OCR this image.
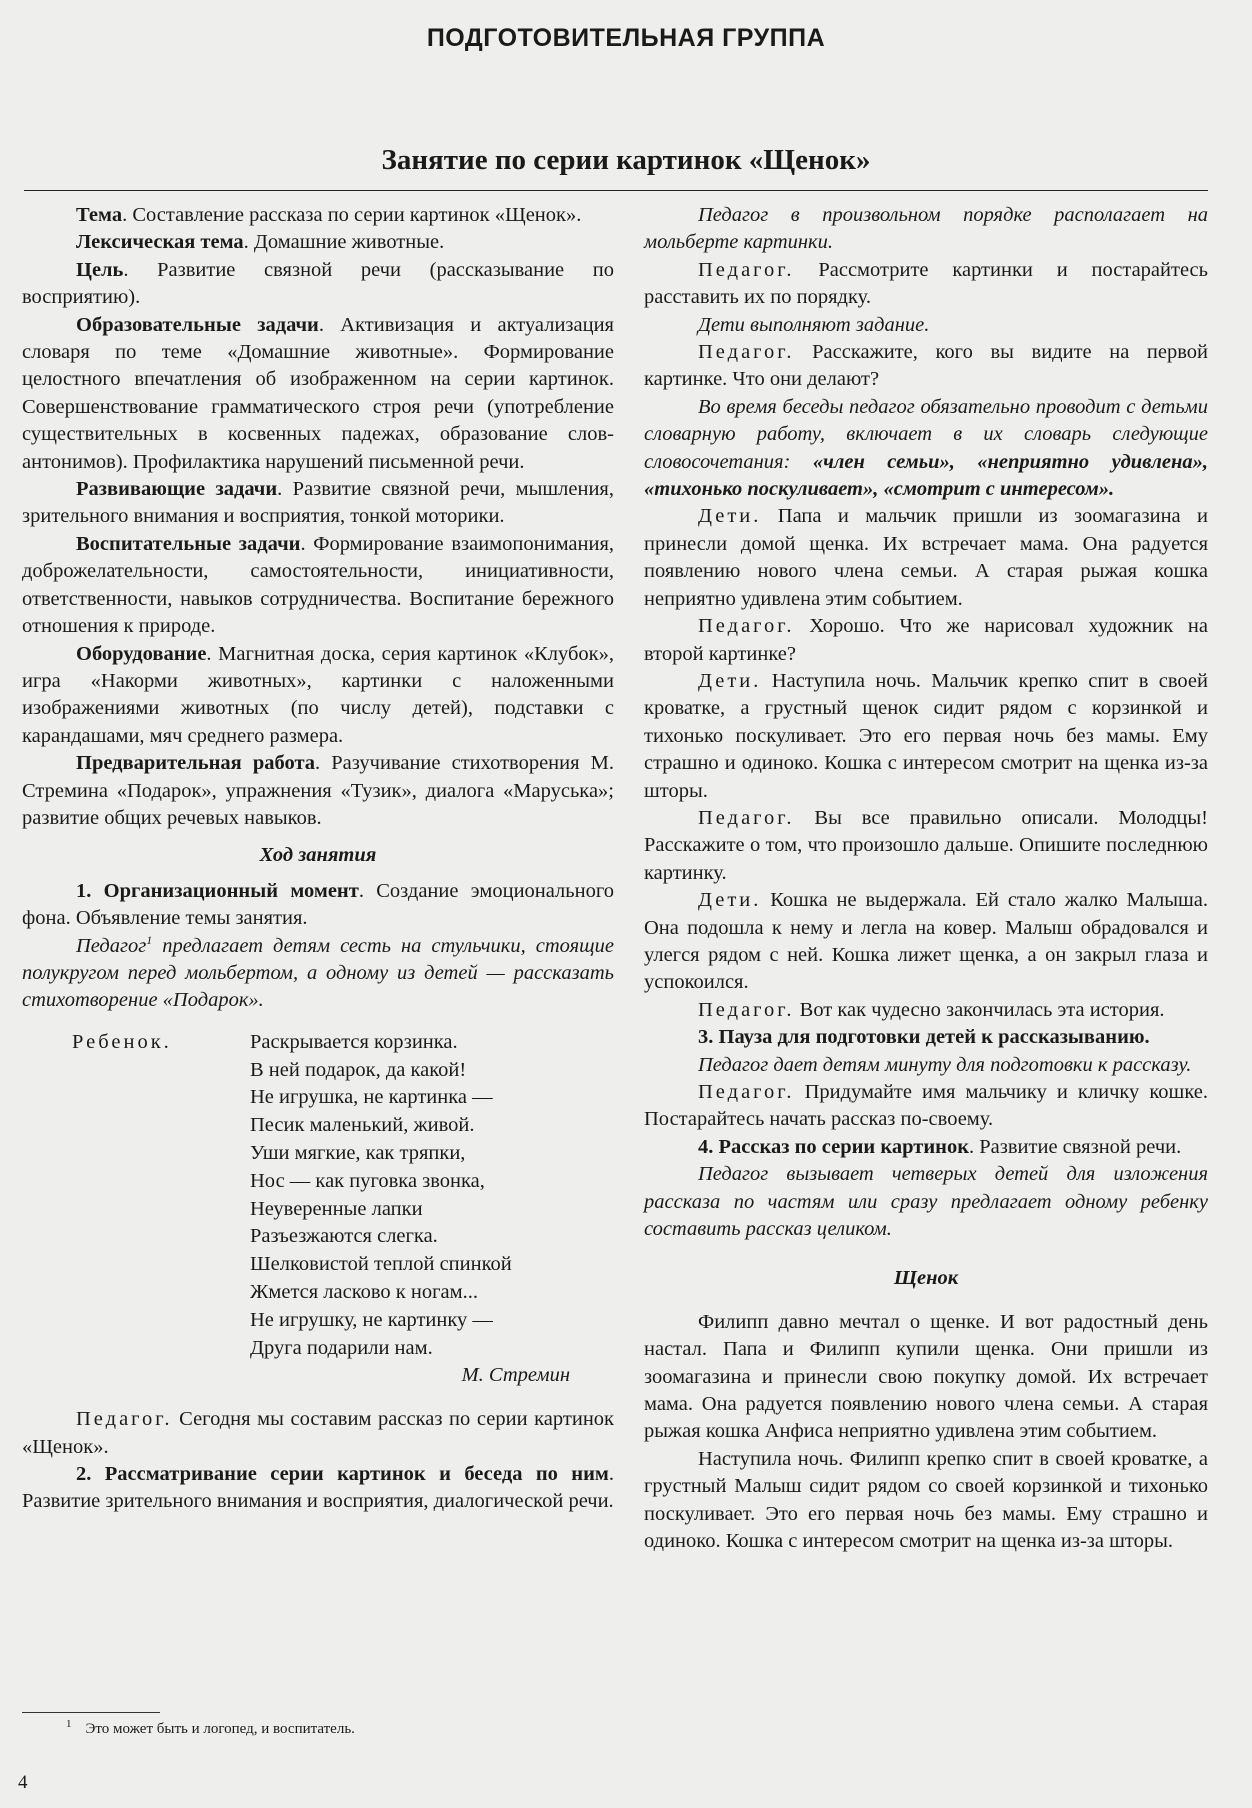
ПОДГОТОВИТЕЛЬНАЯ ГРУППА
Занятие по серии картинок «Щенок»

Тема. Составление рассказа по серии картинок «Щенок».

Лексическая тема. Домашние животные.

Цель. Развитие связной речи (рассказывание по восприятию).

Образовательные задачи. Активизация и актуализация словаря по теме «Домашние животные». Формирование целостного впечатления об изображенном на серии картинок. Совершенствование грамматического строя речи (употребление существительных в косвенных падежах, образование слов-антонимов). Профилактика нарушений письменной речи.

Развивающие задачи. Развитие связной речи, мышления, зрительного внимания и восприятия, тонкой моторики.

Воспитательные задачи. Формирование взаимопонимания, доброжелательности, самостоятельности, инициативности, ответственности, навыков сотрудничества. Воспитание бережного отношения к природе.

Оборудование. Магнитная доска, серия картинок «Клубок», игра «Накорми животных», картинки с наложенными изображениями животных (по числу детей), подставки с карандашами, мяч среднего размера.

Предварительная работа. Разучивание стихотворения М. Стремина «Подарок», упражнения «Тузик», диалога «Маруська»; развитие общих речевых навыков.

Ход занятия

1. Организационный момент. Создание эмоционального фона. Объявление темы занятия.

Педагог$^1$ предлагает детям сесть на стульчики, стоящие полукругом перед мольбертом, а одному из детей — рассказать стихотворение «Подарок».

Ребенок.	Раскрывается корзинка.
В ней подарок, да какой!
Не игрушка, не картинка —
Песик маленький, живой.
Уши мягкие, как тряпки,
Нос — как пуговка звонка,
Неуверенные лапки
Разъезжаются слегка.
Шелковистой теплой спинкой
Жмется ласково к ногам...
Не игрушку, не картинку —
Друга подарили нам.
М. Стремин

Педагог. Сегодня мы составим рассказ по серии картинок «Щенок».

2. Рассматривание серии картинок и беседа по ним. Развитие зрительного внимания и восприятия, диалогической речи.

Педагог в произвольном порядке располагает на мольберте картинки.

Педагог. Рассмотрите картинки и постарайтесь расставить их по порядку.

Дети выполняют задание.

Педагог. Расскажите, кого вы видите на первой картинке. Что они делают?

Во время беседы педагог обязательно проводит с детьми словарную работу, включает в их словарь следующие словосочетания: «член семьи», «неприятно удивлена», «тихонько поскуливает», «смотрит с интересом».

Дети. Папа и мальчик пришли из зоомагазина и принесли домой щенка. Их встречает мама. Она радуется появлению нового члена семьи. А старая рыжая кошка неприятно удивлена этим событием.

Педагог. Хорошо. Что же нарисовал художник на второй картинке?

Дети. Наступила ночь. Мальчик крепко спит в своей кроватке, а грустный щенок сидит рядом с корзинкой и тихонько поскуливает. Это его первая ночь без мамы. Ему страшно и одиноко. Кошка с интересом смотрит на щенка из-за шторы.

Педагог. Вы все правильно описали. Молодцы! Расскажите о том, что произошло дальше. Опишите последнюю картинку.

Дети. Кошка не выдержала. Ей стало жалко Малыша. Она подошла к нему и легла на ковер. Малыш обрадовался и улегся рядом с ней. Кошка лижет щенка, а он закрыл глаза и успокоился.

Педагог. Вот как чудесно закончилась эта история.

3. Пауза для подготовки детей к рассказыванию.

Педагог дает детям минуту для подготовки к рассказу.

Педагог. Придумайте имя мальчику и кличку кошке. Постарайтесь начать рассказ по-своему.

4. Рассказ по серии картинок. Развитие связной речи.

Педагог вызывает четверых детей для изложения рассказа по частям или сразу предлагает одному ребенку составить рассказ целиком.

Щенок

Филипп давно мечтал о щенке. И вот радостный день настал. Папа и Филипп купили щенка. Они пришли из зоомагазина и принесли свою покупку домой. Их встречает мама. Она радуется появлению нового члена семьи. А старая рыжая кошка Анфиса неприятно удивлена этим событием.

Наступила ночь. Филипп крепко спит в своей кроватке, а грустный Малыш сидит рядом со своей корзинкой и тихонько поскуливает. Это его первая ночь без мамы. Ему страшно и одиноко. Кошка с интересом смотрит на щенка из-за шторы.

$^1$ Это может быть и логопед, и воспитатель.
4
